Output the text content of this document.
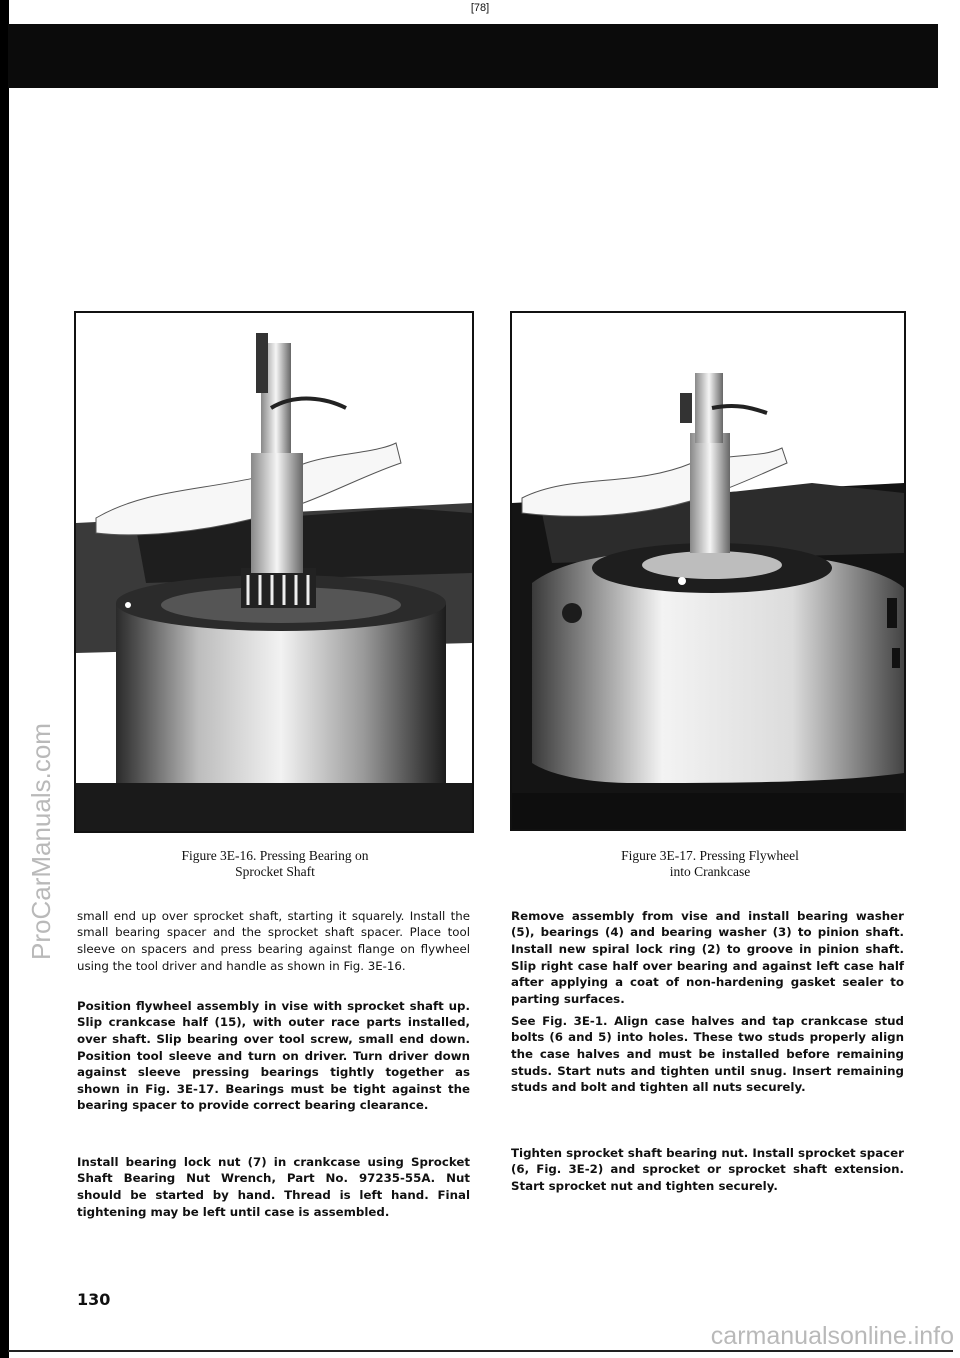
[78]
ProCarManuals.com	Figure 3E-16. Pressing Bearing on
Sprocket Shaft
Figure 3E-17. Pressing Flywheel
into Crankcase

small end up over sprocket shaft, starting it squarely. Install the small bearing spacer and the sprocket shaft spacer. Place tool sleeve on spacers and press bearing against flange on flywheel using the tool driver and handle as shown in Fig. 3E-16.

Position flywheel assembly in vise with sprocket shaft up. Slip crankcase half (15), with outer race parts installed, over shaft. Slip bearing over tool screw, small end down. Position tool sleeve and turn on driver. Turn driver down against sleeve pressing bearings tightly together as shown in Fig. 3E-17. Bearings must be tight against the bearing spacer to provide correct bearing clearance.

Install bearing lock nut (7) in crankcase using Sprocket Shaft Bearing Nut Wrench, Part No. 97235-55A. Nut should be started by hand. Thread is left hand. Final tightening may be left until case is assembled.

Remove assembly from vise and install bearing washer (5), bearings (4) and bearing washer (3) to pinion shaft. Install new spiral lock ring (2) to groove in pinion shaft. Slip right case half over bearing and against left case half after applying a coat of non-hardening gasket sealer to parting surfaces.

See Fig. 3E-1. Align case halves and tap crankcase stud bolts (6 and 5) into holes. These two studs properly align the case halves and must be installed before remaining studs. Start nuts and tighten until snug. Insert remaining studs and bolt and tighten all nuts securely.

Tighten sprocket shaft bearing nut. Install sprocket spacer (6, Fig. 3E-2) and sprocket or sprocket shaft extension. Start sprocket nut and tighten securely.

130
carmanualsonline.info
